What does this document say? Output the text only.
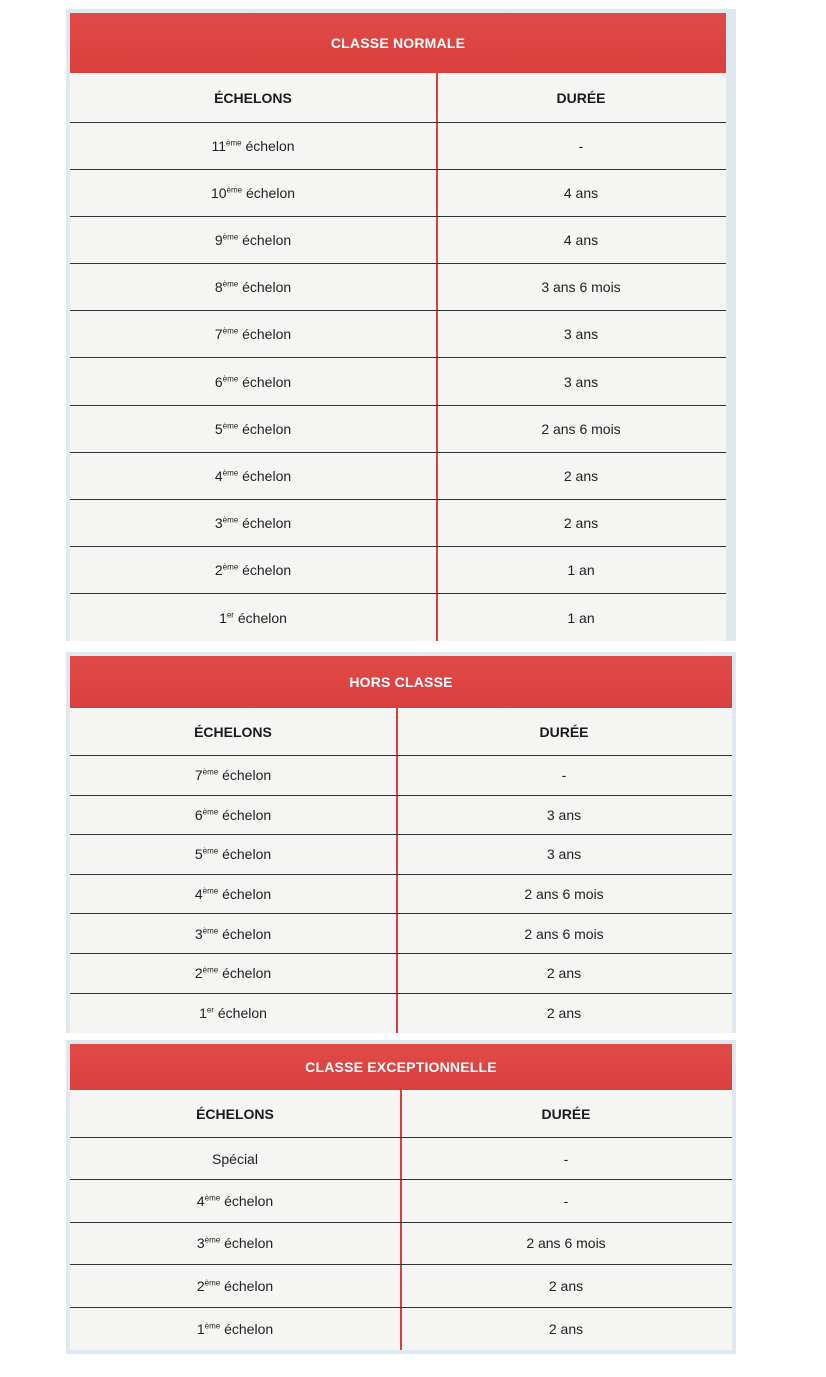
CLASSE NORMALE
ÉCHELONS	DURÉE
11ème échelon	-
10ème échelon	4 ans
9ème échelon	4 ans
8ème échelon	3 ans 6 mois
7ème échelon	3 ans
6ème échelon	3 ans
5ème échelon	2 ans 6 mois
4ème échelon	2 ans
3ème échelon	2 ans
2ème échelon	1 an
1er échelon	1 an
HORS CLASSE
ÉCHELONS	DURÉE
7ème échelon	-
6ème échelon	3 ans
5ème échelon	3 ans
4ème échelon	2 ans 6 mois
3ème échelon	2 ans 6 mois
2ème échelon	2 ans
1er échelon	2 ans
CLASSE EXCEPTIONNELLE
ÉCHELONS	DURÉE
Spécial	-
4ème échelon	-
3ème échelon	2 ans 6 mois
2ème échelon	2 ans
1ème échelon	2 ans
